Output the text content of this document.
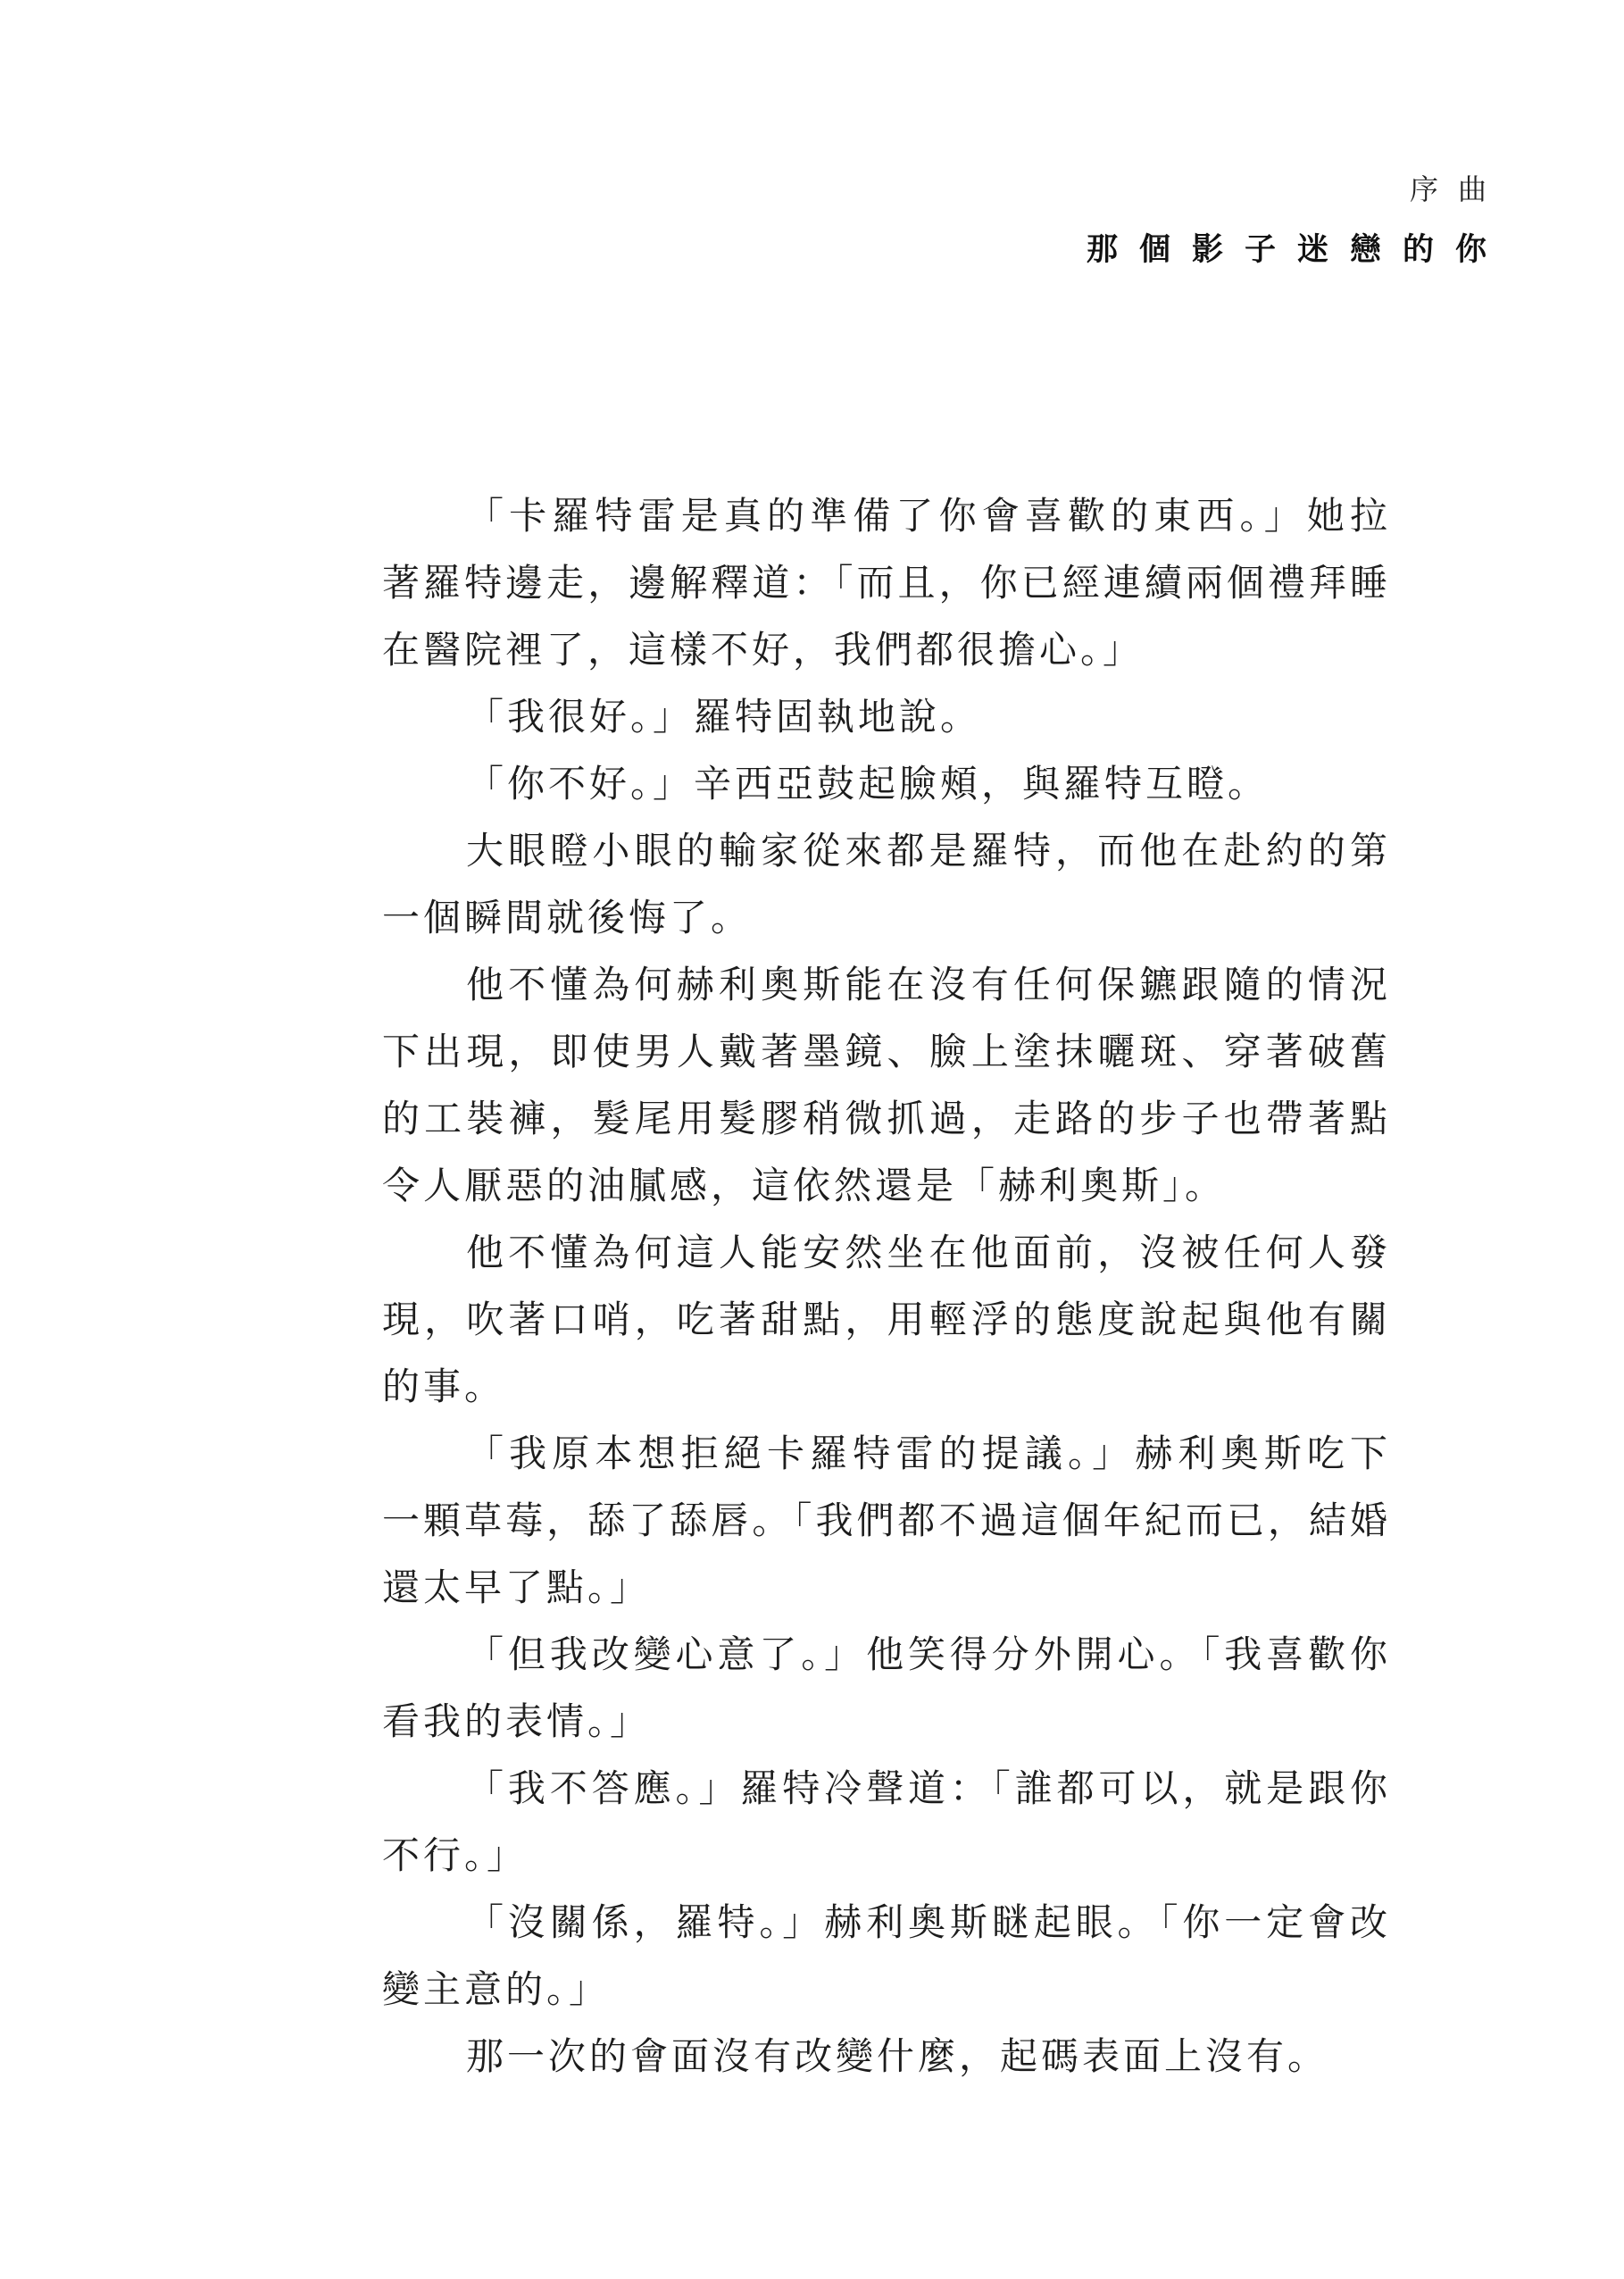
序曲
那個影子迷戀的你

「卡羅特雷是真的準備了你會喜歡的東西。」她拉著羅特邊走，邊解釋道：「而且，你已經連續兩個禮拜睡在醫院裡了，這樣不好，我們都很擔心。」

「我很好。」羅特固執地說。

「你不好。」辛西亞鼓起臉頰，與羅特互瞪。

大眼瞪小眼的輸家從來都是羅特，而他在赴約的第一個瞬間就後悔了。

他不懂為何赫利奧斯能在沒有任何保鑣跟隨的情況下出現，即使男人戴著墨鏡、臉上塗抹曬斑、穿著破舊的工裝褲，髮尾用髮膠稍微抓過，走路的步子也帶著點令人厭惡的油膩感，這依然還是「赫利奧斯」。

他不懂為何這人能安然坐在他面前，沒被任何人發現，吹著口哨，吃著甜點，用輕浮的態度說起與他有關的事。

「我原本想拒絕卡羅特雷的提議。」赫利奧斯吃下一顆草莓，舔了舔唇。「我們都不過這個年紀而已，結婚還太早了點。」

「但我改變心意了。」他笑得分外開心。「我喜歡你看我的表情。」

「我不答應。」羅特冷聲道：「誰都可以，就是跟你不行。」

「沒關係，羅特。」赫利奧斯瞇起眼。「你一定會改變主意的。」

那一次的會面沒有改變什麼，起碼表面上沒有。
